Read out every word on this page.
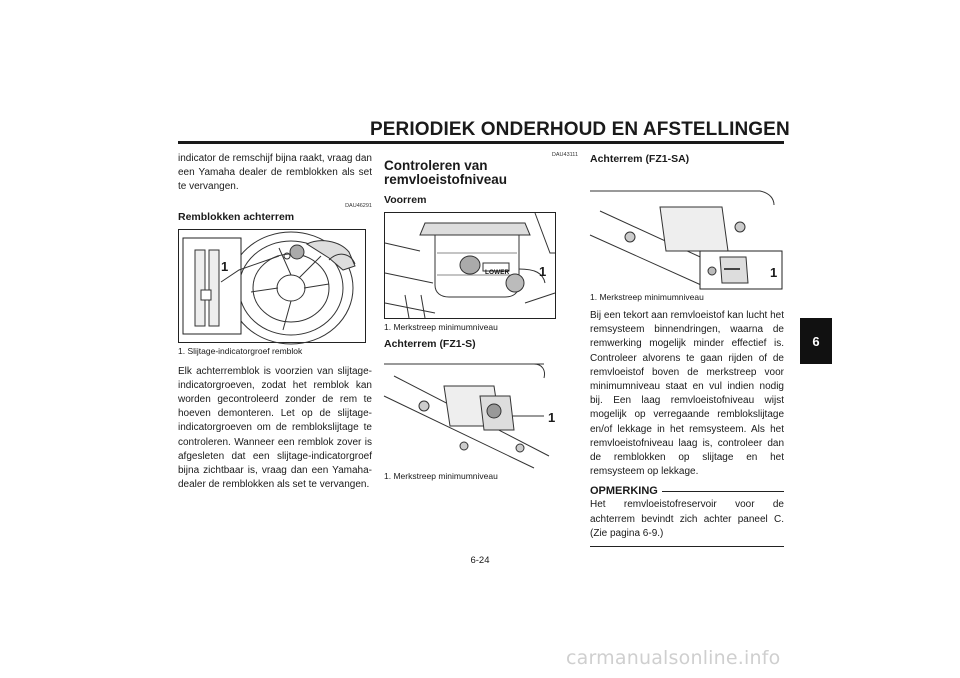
PERIODIEK ONDERHOUD EN AFSTELLINGEN

indicator de remschijf bijna raakt, vraag dan een Yamaha dealer de remblokken als set te vervangen.

DAU46291
Remblokken achterrem
1
1. Slijtage-indicatorgroef remblok

Elk achterremblok is voorzien van slijtage-indicatorgroeven, zodat het remblok kan worden gecontroleerd zonder de rem te hoeven demonteren. Let op de slijtage-indicatorgroeven om de remblokslijtage te controleren. Wanneer een remblok zover is afgesleten dat een slijtage-indicatorgroef bijna zichtbaar is, vraag dan een Yamaha-dealer de remblokken als set te vervangen.

DAU43111
Controleren van remvloeistofniveau
Voorrem
LOWER 1
1. Merkstreep minimumniveau
Achterrem (FZ1-S)
1
1. Merkstreep minimumniveau
Achterrem (FZ1-SA)
1
1. Merkstreep minimumniveau

Bij een tekort aan remvloeistof kan lucht het remsysteem binnendringen, waarna de remwerking mogelijk minder effectief is. Controleer alvorens te gaan rijden of de remvloeistof boven de merkstreep voor minimumniveau staat en vul indien nodig bij. Een laag remvloeistofniveau wijst mogelijk op verregaande remblokslijtage en/of lekkage in het remsysteem. Als het remvloeistofniveau laag is, controleer dan de remblokken op slijtage en het remsysteem op lekkage.

OPMERKING

Het remvloeistofreservoir voor de achterrem bevindt zich achter paneel C. (Zie pagina 6-9.)

6
6-24
carmanualsonline.info
